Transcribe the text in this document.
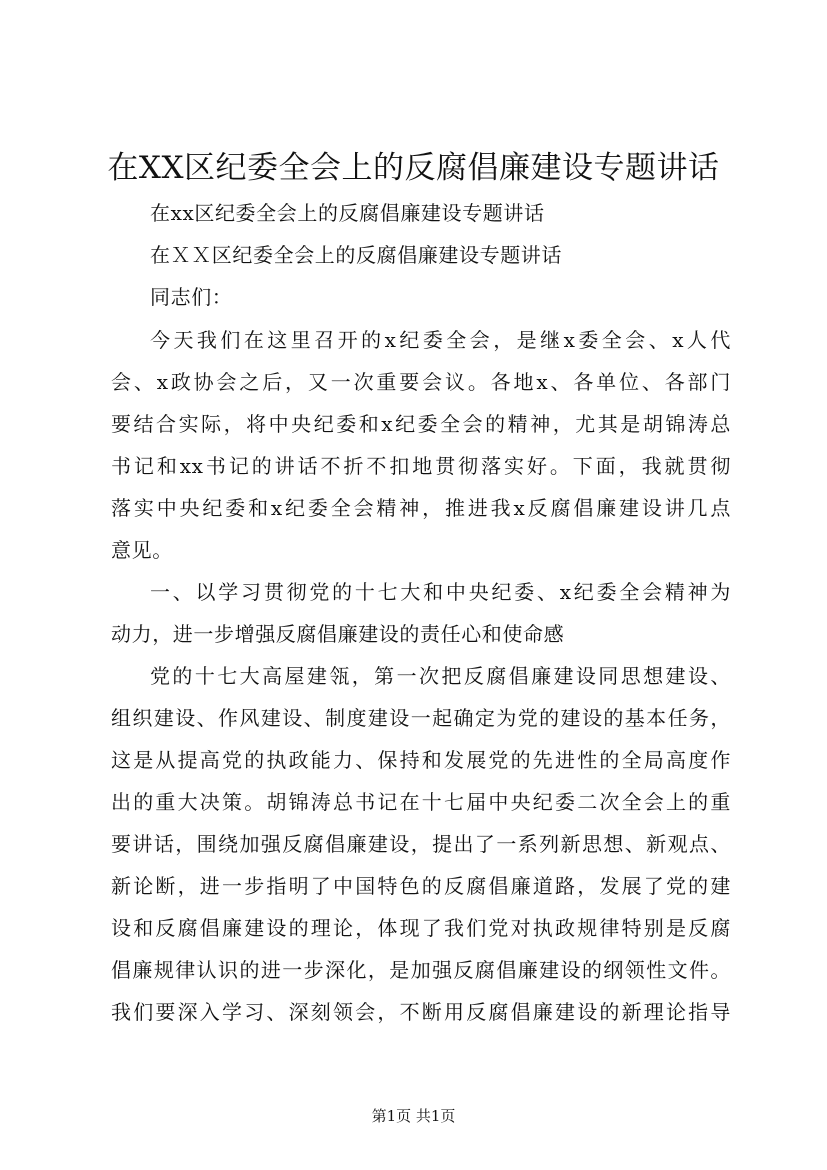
在XX区纪委全会上的反腐倡廉建设专题讲话
在xx区纪委全会上的反腐倡廉建设专题讲话
在ＸＸ区纪委全会上的反腐倡廉建设专题讲话
同志们：
今天我们在这里召开的x纪委全会，是继x委全会、x人代
会、x政协会之后，又一次重要会议。各地x、各单位、各部门
要结合实际，将中央纪委和x纪委全会的精神，尤其是胡锦涛总
书记和xx书记的讲话不折不扣地贯彻落实好。下面，我就贯彻
落实中央纪委和x纪委全会精神，推进我x反腐倡廉建设讲几点
意见。
一、以学习贯彻党的十七大和中央纪委、x纪委全会精神为
动力，进一步增强反腐倡廉建设的责任心和使命感
党的十七大高屋建瓴，第一次把反腐倡廉建设同思想建设、
组织建设、作风建设、制度建设一起确定为党的建设的基本任务，
这是从提高党的执政能力、保持和发展党的先进性的全局高度作
出的重大决策。胡锦涛总书记在十七届中央纪委二次全会上的重
要讲话，围绕加强反腐倡廉建设，提出了一系列新思想、新观点、
新论断，进一步指明了中国特色的反腐倡廉道路，发展了党的建
设和反腐倡廉建设的理论，体现了我们党对执政规律特别是反腐
倡廉规律认识的进一步深化，是加强反腐倡廉建设的纲领性文件。
我们要深入学习、深刻领会，不断用反腐倡廉建设的新理论指导
第1页 共1页
